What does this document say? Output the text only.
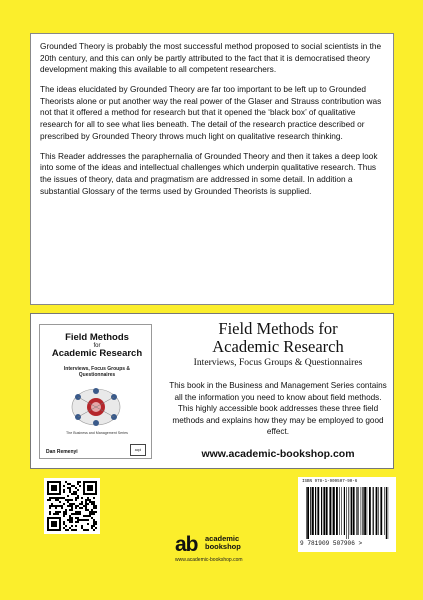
Grounded Theory is probably the most successful method proposed to social scientists in the 20th century, and this can only be partly attributed to the fact that it is democratised theory development making this available to all competent researchers.

The ideas elucidated by Grounded Theory are far too important to be left up to Grounded Theorists alone or put another way the real power of the Glaser and Strauss contribution was not that it offered a method for research but that it opened the ‘black box’ of qualitative research for all to see what lies beneath. The detail of the research practice described or prescribed by Grounded Theory throws much light on qualitative research thinking.

This Reader addresses the paraphernalia of Grounded Theory and then it takes a deep look into some of the ideas and intellectual challenges which underpin qualitative research. Thus the issues of theory, data and pragmatism are addressed in some detail. In addition a substantial Glossary of the terms used by Grounded Theorists is supplied.

Field Methods
for
Academic Research
Interviews, Focus Groups & Questionnaires
The Business and Management Series
Dan Remenyi	acpi
Field Methods for
Academic Research
Interviews, Focus Groups & Questionnaires
This book in the Business and Management Series contains all the information you need to know about field methods. This highly accessible book addresses these three field methods and explains how they may be employed to good effect.
www.academic-bookshop.com
ab academic
bookshop
www.academic-bookshop.com
ISBN 978-1-909507-90-6
9 781909 507906 >
